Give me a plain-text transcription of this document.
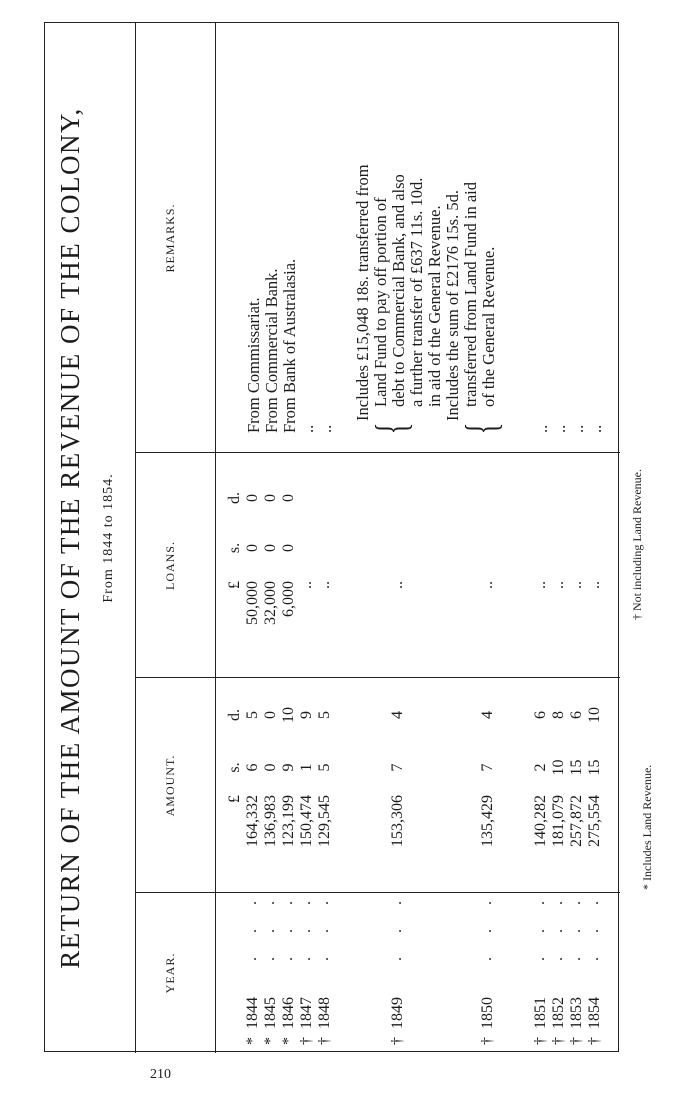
210
RETURN OF THE AMOUNT OF THE REVENUE OF THE COLONY, From 1844 to 1854.
YEAR.
AMOUNT.
LOANS.
REMARKS.
£
s.
d.
£
s.
d.
*
1844
. . .
164,332
6
5
50,000
0
0
From Commissariat.
*
1845
. . .
136,983
0
0
32,000
0
0
From Commercial Bank.
*
1846
. . .
123,199
9
10
6,000
0
0
From Bank of Australasia.
†
1847
. . .
150,474
1
9
..
..
†
1848
. . .
129,545
5
5
..
..
†
1849
. . .
153,306
7
4
..
{
Includes £15,048 18s. transferred from Land Fund to pay off portion of debt to Commercial Bank, and also a further transfer of £637 11s. 10d. in aid of the General Revenue.
†
1850
. . .
135,429
7
4
..
{
Includes the sum of £2176 15s. 5d. transferred from Land Fund in aid of the General Revenue.
†
1851
. . .
140,282
2
6
..
..
†
1852
. . .
181,079
10
8
..
..
†
1853
. . .
257,872
15
6
..
..
†
1854
. . .
275,554
15
10
..
..
* Includes Land Revenue.
† Not including Land Revenue.
